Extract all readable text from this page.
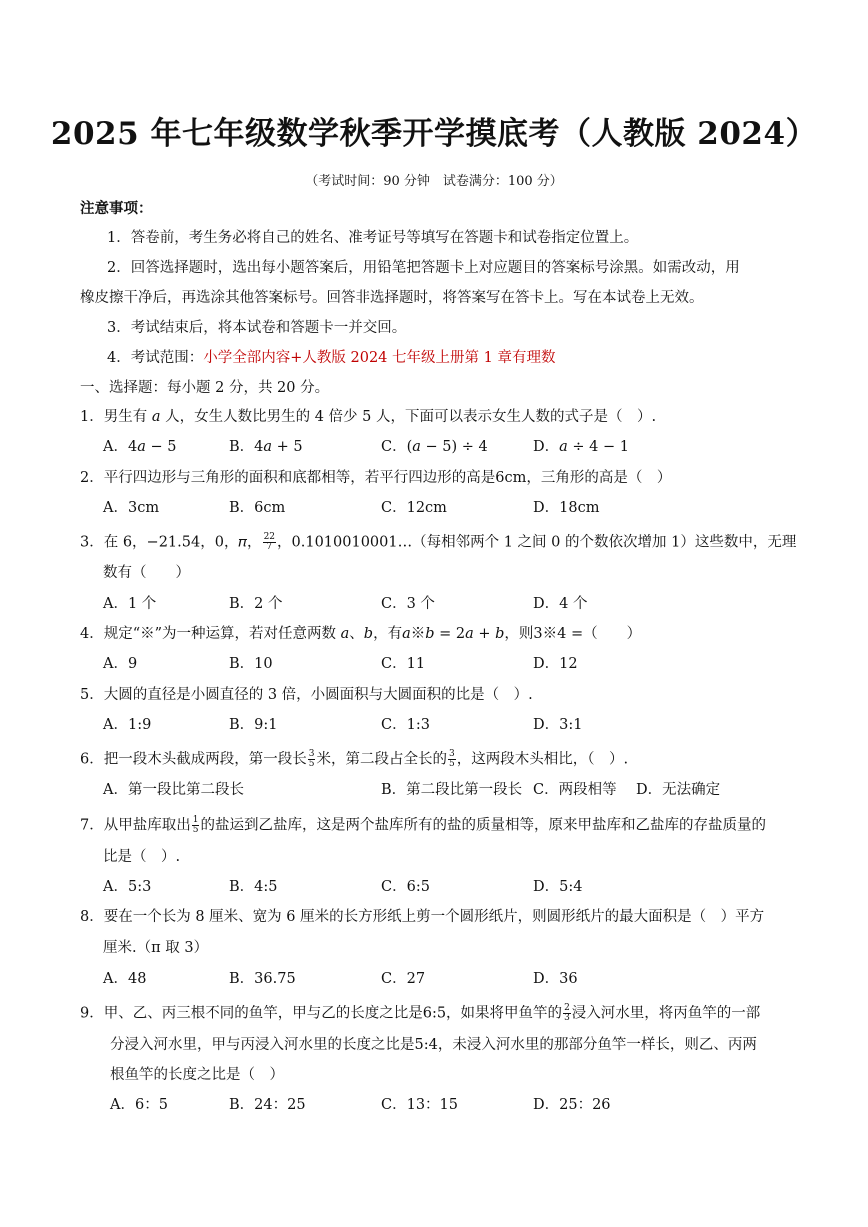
2025 年七年级数学秋季开学摸底考（人教版 2024）
（考试时间：90 分钟　试卷满分：100 分）
注意事项：
1．答卷前，考生务必将自己的姓名、准考证号等填写在答题卡和试卷指定位置上。
2．回答选择题时，选出每小题答案后，用铅笔把答题卡上对应题目的答案标号涂黑。如需改动，用
橡皮擦干净后，再选涂其他答案标号。回答非选择题时，将答案写在答卡上。写在本试卷上无效。
3．考试结束后，将本试卷和答题卡一并交回。
4．考试范围：小学全部内容+人教版 2024 七年级上册第 1 章有理数
一、选择题：每小题 2 分，共 20 分。
1．男生有 a 人，女生人数比男生的 4 倍少 5 人，下面可以表示女生人数的式子是（　）.
A．4𝑎 − 5	B．4𝑎 + 5	C．(𝑎 − 5) ÷ 4	D．𝑎 ÷ 4 − 1
2．平行四边形与三角形的面积和底都相等，若平行四边形的高是6cm，三角形的高是（　）
A．3cm	B．6cm	C．12cm	D．18cm
3．在 6，−21.54，0，𝜋， $\frac{22}{7}$ ，0.1010010001…（每相邻两个 1 之间 0 的个数依次增加 1）这些数中，无理
数有（　　）
A．1 个	B．2 个	C．3 个	D．4 个
4．规定“※”为一种运算，若对任意两数 𝑎、𝑏，有𝑎※𝑏 = 2𝑎 + 𝑏，则3※4 =（　　）
A．9	B．10	C．11	D．12
5．大圆的直径是小圆直径的 3 倍，小圆面积与大圆面积的比是（　）.
A．1:9	B．9:1	C．1:3	D．3:1
6．把一段木头截成两段，第一段长 $\frac{3}{5}$ 米，第二段占全长的 $\frac{3}{5}$ ，这两段木头相比，（　）.
A．第一段比第二段长	B．第二段比第一段长 C．两段相等 D．无法确定
7．从甲盐库取出 $\frac{1}{5}$ 的盐运到乙盐库，这是两个盐库所有的盐的质量相等，原来甲盐库和乙盐库的存盐质量的
比是（　）.
A．5:3	B．4:5	C．6:5	D．5:4
8．要在一个长为 8 厘米、宽为 6 厘米的长方形纸上剪一个圆形纸片，则圆形纸片的最大面积是（　）平方
厘米.（π 取 3）
A．48	B．36.75	C．27	D．36
9．甲、乙、丙三根不同的鱼竿，甲与乙的长度之比是6:5，如果将甲鱼竿的 $\frac{2}{3}$ 浸入河水里，将丙鱼竿的一部
分浸入河水里，甲与丙浸入河水里的长度之比是5:4，未浸入河水里的那部分鱼竿一样长，则乙、丙两
根鱼竿的长度之比是（　）
A．6：5	B．24：25	C．13：15	D．25：26
